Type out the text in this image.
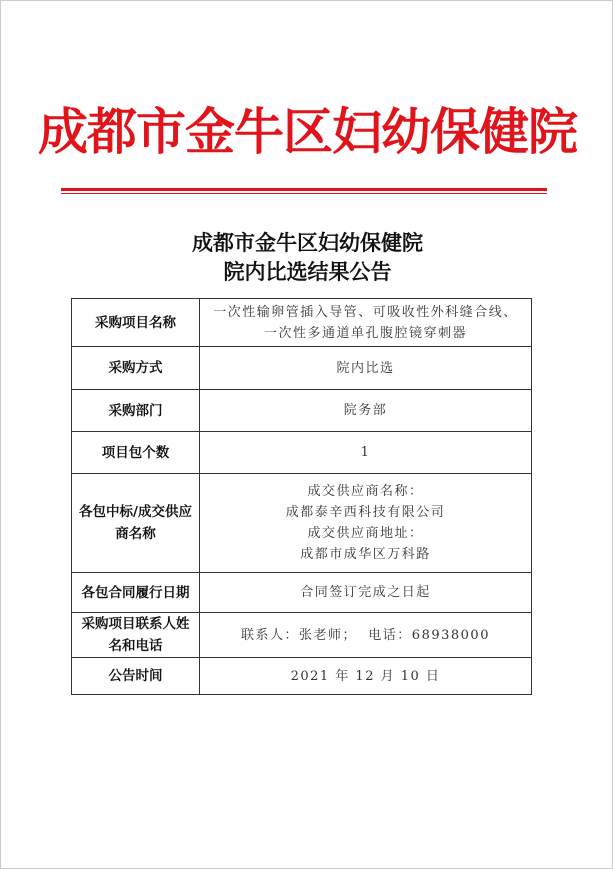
成都市金牛区妇幼保健院
成都市金牛区妇幼保健院
院内比选结果公告
采购项目名称	一次性输卵管插入导管、可吸收性外科缝合线、
一次性多通道单孔腹腔镜穿刺器

采购方式	院内比选

采购部门	院务部

项目包个数	1

各包中标/成交供应
商名称	成交供应商名称：
成都泰辛西科技有限公司
成交供应商地址：
成都市成华区万科路

各包合同履行日期	合同签订完成之日起

采购项目联系人姓
名和电话	联系人：张老师；  电话：68938000

公告时间	2021 年 12 月 10 日
